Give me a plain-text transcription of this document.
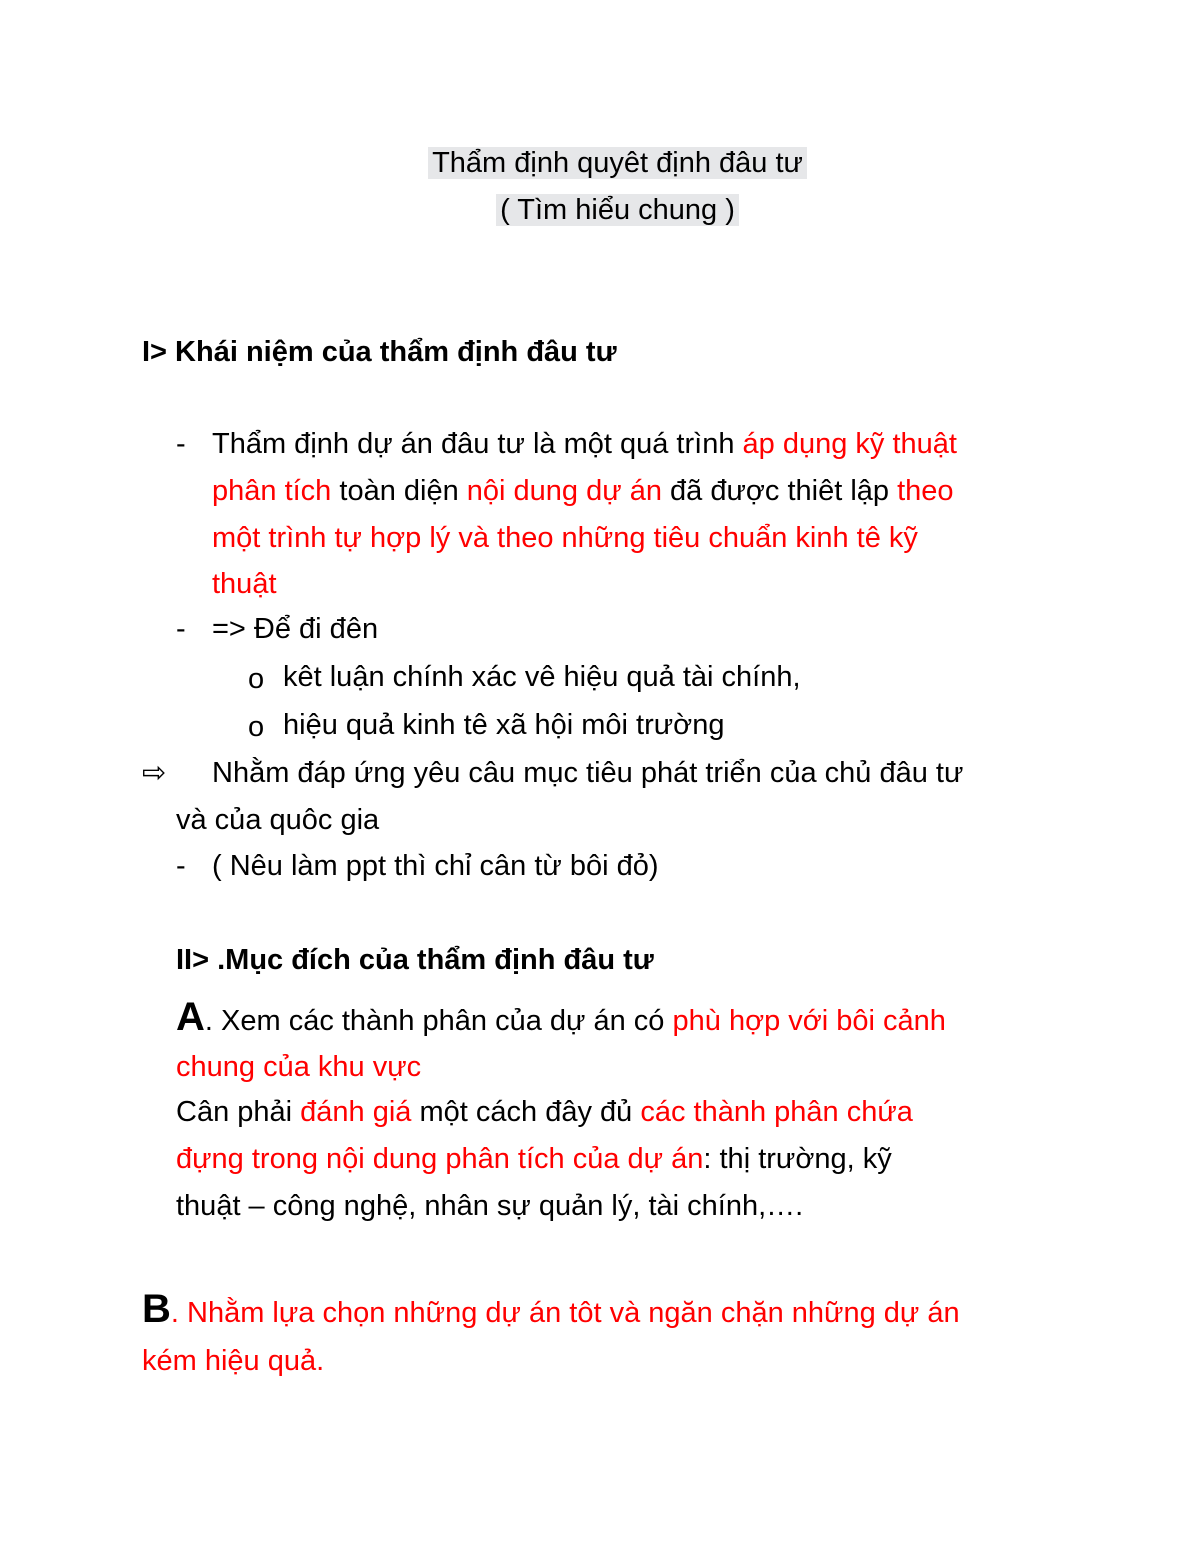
Thẩm định quyêt định đâu tư
( Tìm hiểu chung )
I> Khái niệm của thẩm định đâu tư
- Thẩm định dự án đâu tư là một quá trình áp dụng kỹ thuật
phân tích toàn diện nội dung dự án đã được thiêt lập theo
một trình tự hợp lý và theo những tiêu chuẩn kinh tê kỹ
thuật
- => Để đi đên
o kêt luận chính xác vê hiệu quả tài chính,
o hiệu quả kinh tê xã hội môi trường
⇨ Nhằm đáp ứng yêu câu mục tiêu phát triển của chủ đâu tư
và của quôc gia
- ( Nêu làm ppt thì chỉ cân từ bôi đỏ)
II> .Mục đích của thẩm định đâu tư
A. Xem các thành phân của dự án có phù hợp với bôi cảnh
chung của khu vực
Cân phải đánh giá một cách đây đủ các thành phân chứa
đựng trong nội dung phân tích của dự án: thị trường, kỹ
thuật – công nghệ, nhân sự quản lý, tài chính,….
B. Nhằm lựa chọn những dự án tôt và ngăn chặn những dự án
kém hiệu quả.
